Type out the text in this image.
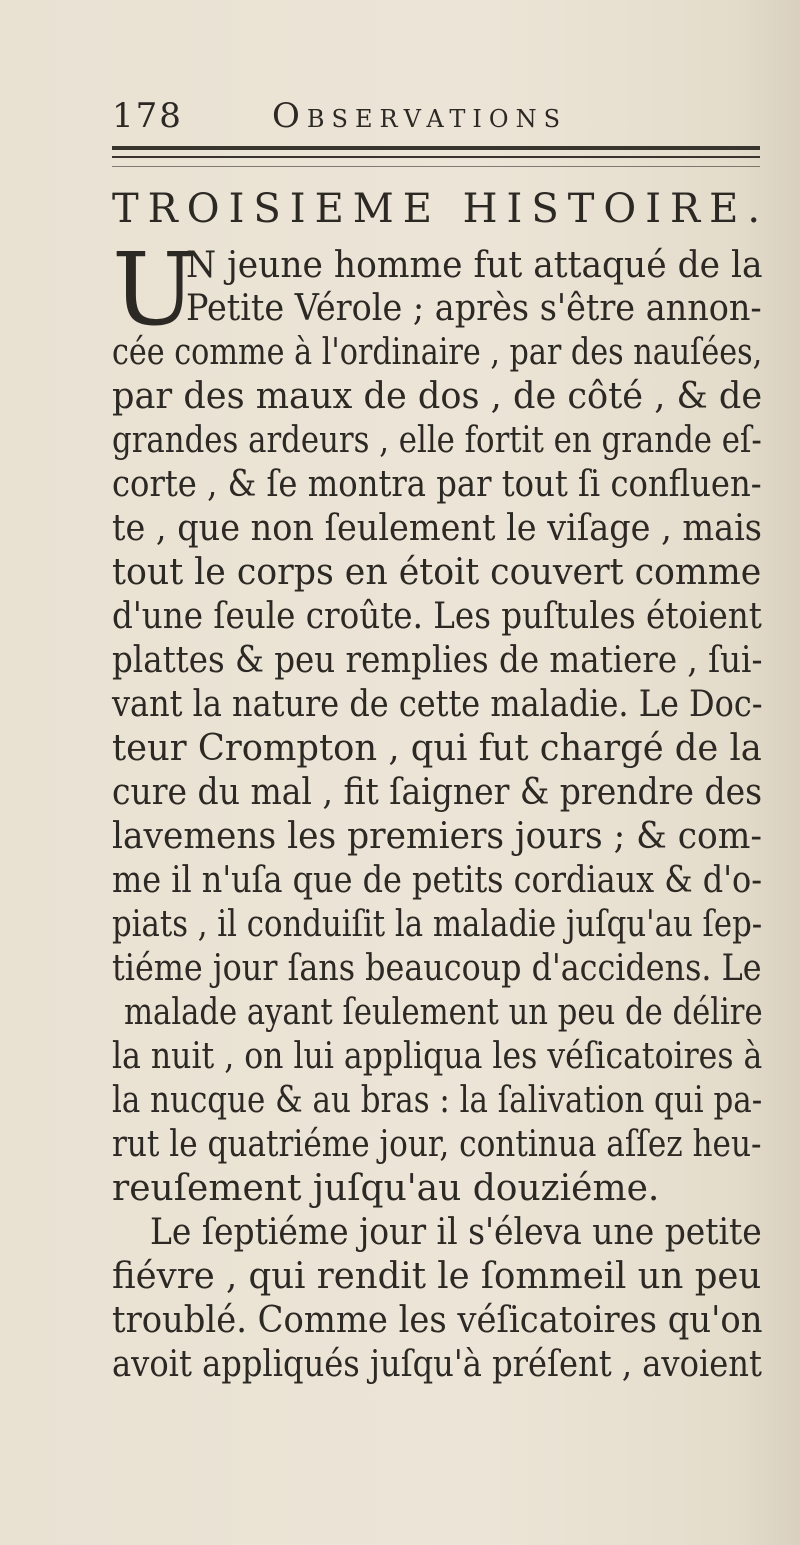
178	Observations
TROISIEME HISTOIRE.
U
N jeune homme fut attaqué de la
Petite Vérole ; après s'être annon-
cée comme à l'ordinaire , par des nauſées,
par des maux de dos , de côté , & de
grandes ardeurs , elle fortit en grande eſ-
corte , & ſe montra par tout ſi confluen-
te , que non ſeulement le viſage , mais
tout le corps en étoit couvert comme
d'une ſeule croûte. Les puſtules étoient
plattes & peu remplies de matiere , ſui-
vant la nature de cette maladie. Le Doc-
teur Crompton , qui fut chargé de la
cure du mal , fit ſaigner & prendre des
lavemens les premiers jours ; & com-
me il n'uſa que de petits cordiaux & d'o-
piats , il conduiſit la maladie juſqu'au ſep-
tiéme jour ſans beaucoup d'accidens. Le
malade ayant ſeulement un peu de délire
la nuit , on lui appliqua les véſicatoires à
la nucque & au bras : la ſalivation qui pa-
rut le quatriéme jour, continua aſſez heu-
reuſement juſqu'au douziéme.
Le ſeptiéme jour il s'éleva une petite
fiévre , qui rendit le ſommeil un peu
troublé. Comme les véſicatoires qu'on
avoit appliqués juſqu'à préſent , avoient
